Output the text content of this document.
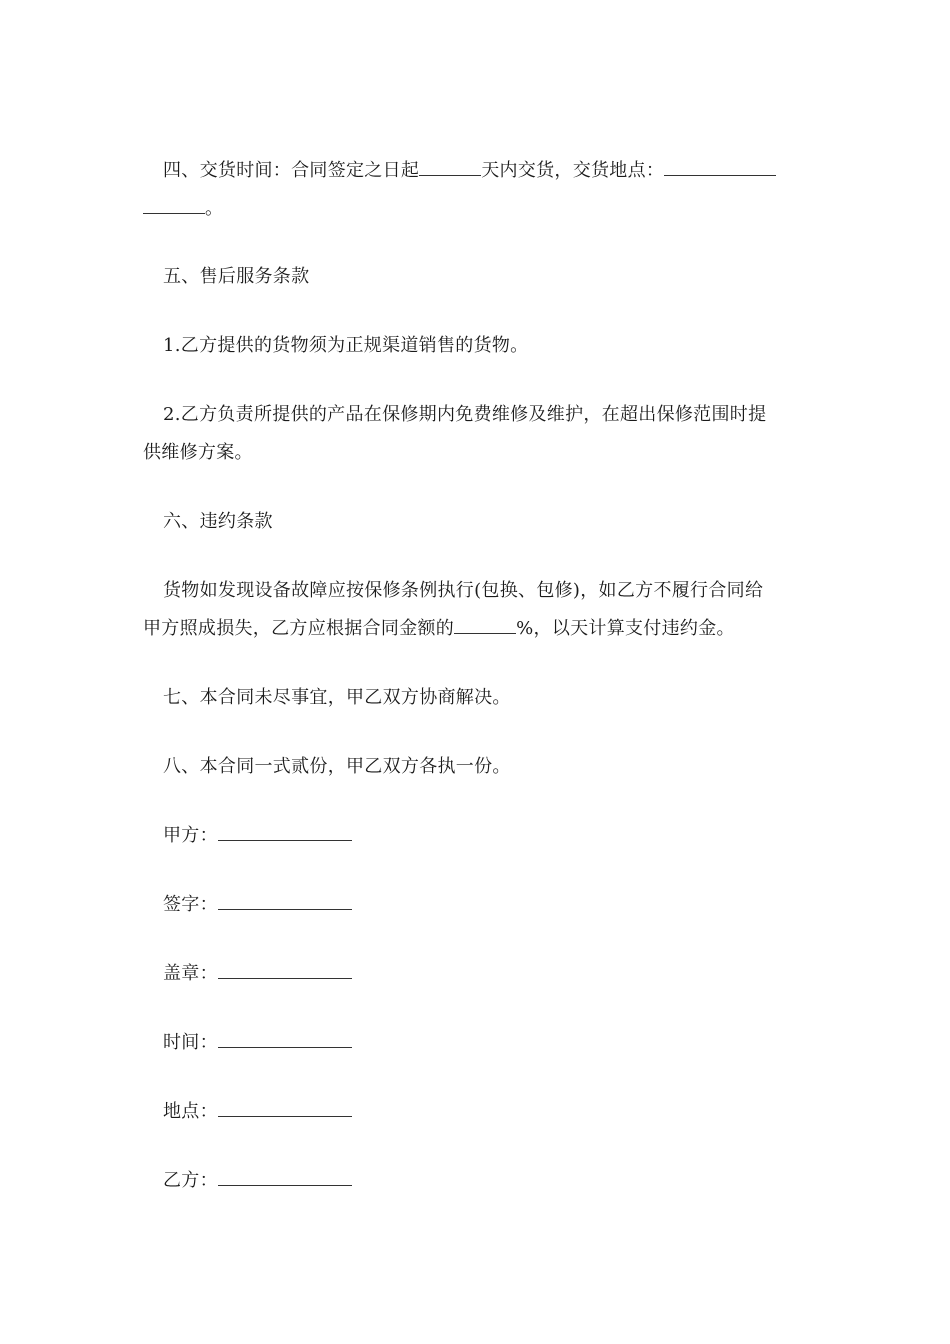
四、交货时间：合同签定之日起	天内交货，交货地点：
。
五、售后服务条款
1.乙方提供的货物须为正规渠道销售的货物。
2.乙方负责所提供的产品在保修期内免费维修及维护，在超出保修范围时提
供维修方案。
六、违约条款
货物如发现设备故障应按保修条例执行(包换、包修)，如乙方不履行合同给
甲方照成损失，乙方应根据合同金额的	%，以天计算支付违约金。
七、本合同未尽事宜，甲乙双方协商解决。
八、本合同一式贰份，甲乙双方各执一份。
甲方：
签字：
盖章：
时间：
地点：
乙方：
